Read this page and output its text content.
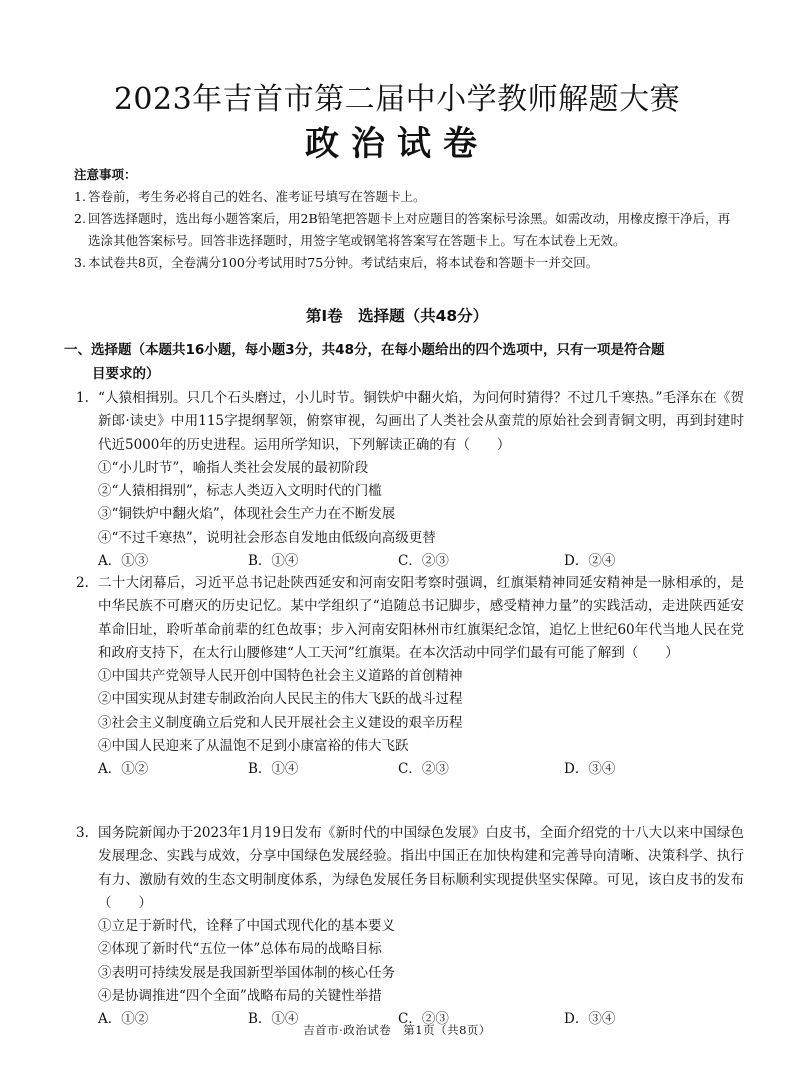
2023年吉首市第二届中小学教师解题大赛
政治试卷
注意事项：
1. 答卷前，考生务必将自己的姓名、准考证号填写在答题卡上。
2. 回答选择题时，选出每小题答案后，用2B铅笔把答题卡上对应题目的答案标号涂黑。如需改动，用橡皮擦干净后，再选涂其他答案标号。回答非选择题时，用签字笔或钢笔将答案写在答题卡上。写在本试卷上无效。
3. 本试卷共8页，全卷满分100分考试用时75分钟。考试结束后，将本试卷和答题卡一并交回。
第Ⅰ卷　选择题（共48分）
一、选择题（本题共16小题，每小题3分，共48分，在每小题给出的四个选项中，只有一项是符合题
目要求的）
1. “人猿相揖别。只几个石头磨过，小儿时节。铜铁炉中翻火焰，为问何时猜得？不过几千寒热。”毛泽东在《贺新郎·读史》中用115字提纲挈领，俯察审视，勾画出了人类社会从蛮荒的原始社会到青铜文明，再到封建时代近5000年的历史进程。运用所学知识，下列解读正确的有（　　）
①“小儿时节”，喻指人类社会发展的最初阶段
②“人猿相揖别”，标志人类迈入文明时代的门槛
③“铜铁炉中翻火焰”，体现社会生产力在不断发展
④“不过千寒热”，说明社会形态自发地由低级向高级更替
A．①③	B．①④	C．②③	D．②④
2. 二十大闭幕后，习近平总书记赴陕西延安和河南安阳考察时强调，红旗渠精神同延安精神是一脉相承的，是中华民族不可磨灭的历史记忆。某中学组织了“追随总书记脚步，感受精神力量”的实践活动，走进陕西延安革命旧址，聆听革命前辈的红色故事；步入河南安阳林州市红旗渠纪念馆，追忆上世纪60年代当地人民在党和政府支持下，在太行山腰修建“人工天河”红旗渠。在本次活动中同学们最有可能了解到（　　）
①中国共产党领导人民开创中国特色社会主义道路的首创精神
②中国实现从封建专制政治向人民民主的伟大飞跃的战斗过程
③社会主义制度确立后党和人民开展社会主义建设的艰辛历程
④中国人民迎来了从温饱不足到小康富裕的伟大飞跃
A．①②	B．①④	C．②③	D．③④
3. 国务院新闻办于2023年1月19日发布《新时代的中国绿色发展》白皮书，全面介绍党的十八大以来中国绿色发展理念、实践与成效，分享中国绿色发展经验。指出中国正在加快构建和完善导向清晰、决策科学、执行有力、激励有效的生态文明制度体系，为绿色发展任务目标顺利实现提供坚实保障。可见，该白皮书的发布（　　）
①立足于新时代，诠释了中国式现代化的基本要义
②体现了新时代“五位一体”总体布局的战略目标
③表明可持续发展是我国新型举国体制的核心任务
④是协调推进“四个全面”战略布局的关键性举措
A．①②	B．①④	C．②③	D．③④
吉首市·政治试卷　第1页（共8页）
